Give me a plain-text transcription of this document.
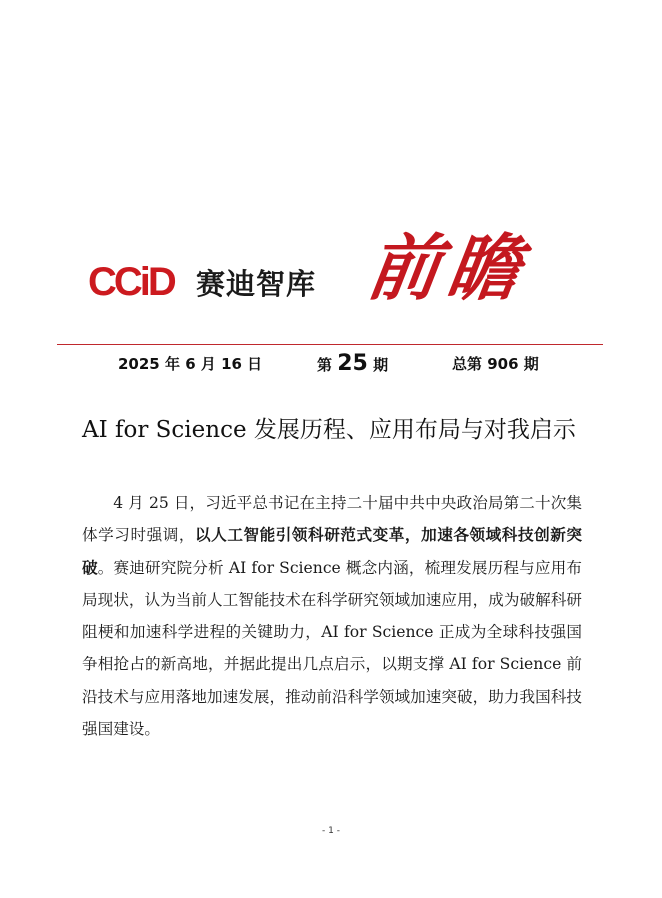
CCiD 赛迪智库 前瞻
2025 年 6 月 16 日	第 25 期	总第 906 期
AI for Science 发展历程、应用布局与对我启示

4 月 25 日，习近平总书记在主持二十届中共中央政治局第二十次集体学习时强调，以人工智能引领科研范式变革，加速各领域科技创新突破。赛迪研究院分析 AI for Science 概念内涵，梳理发展历程与应用布局现状，认为当前人工智能技术在科学研究领域加速应用，成为破解科研阻梗和加速科学进程的关键助力，AI for Science 正成为全球科技强国争相抢占的新高地，并据此提出几点启示，以期支撑 AI for Science 前沿技术与应用落地加速发展，推动前沿科学领域加速突破，助力我国科技强国建设。

- 1 -
